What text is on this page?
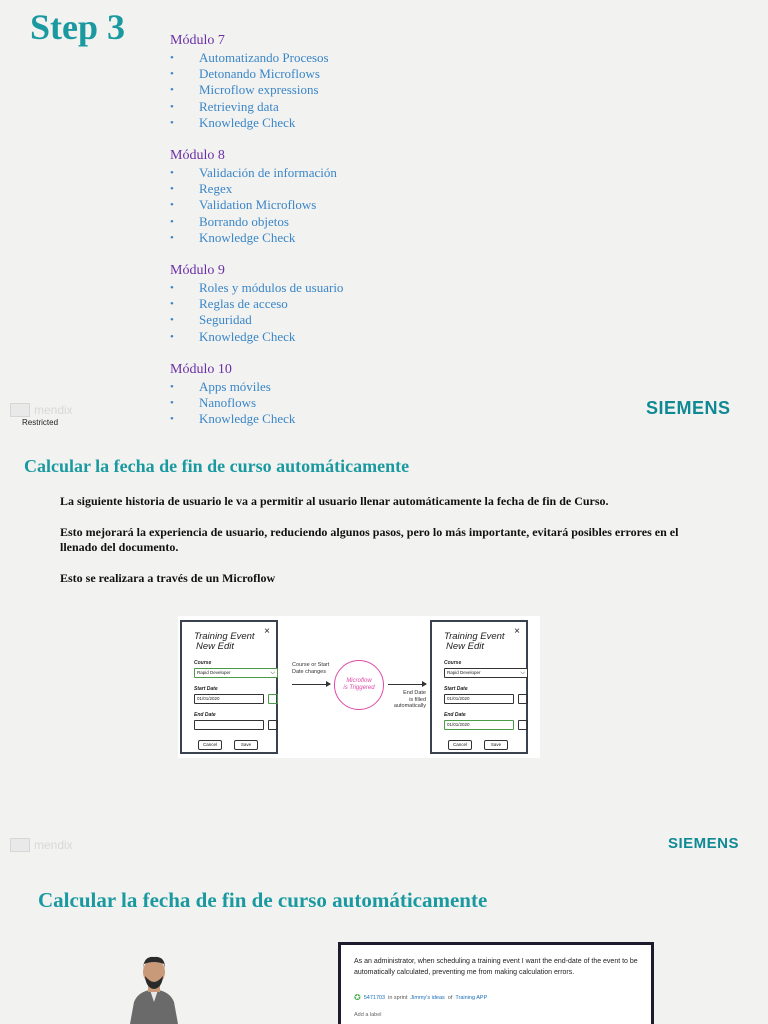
Step 3	Módulo 7
• Automatizando Procesos
• Detonando Microflows
• Microflow expressions
• Retrieving data
• Knowledge Check
Módulo 8
• Validación de información
• Regex
• Validation Microflows
• Borrando objetos
• Knowledge Check
Módulo 9
• Roles y módulos de usuario
• Reglas de acceso
• Seguridad
• Knowledge Check
Módulo 10
• Apps móviles
• Nanoflows
• Knowledge Check
mendix
Restricted
SIEMENS
Calcular la fecha de fin de curso automáticamente

La siguiente historia de usuario le va a permitir al usuario llenar automáticamente la fecha de fin de Curso.

Esto mejorará la experiencia de usuario, reduciendo algunos pasos, pero lo más importante, evitará posibles errores en el llenado del documento.

Esto se realizara a través de un Microflow

Training Event
New Edit
×
Course
Rapid Developer	⌵
Start Date
01/01/2020
End Date
Cancel	Save
Course or Start
Date changes
Microflow
is Triggered
End Date
is filled
automatically
Training Event
New Edit
×
Course
Rapid Developer	⌵
Start Date
01/01/2020
End Date
01/01/2020
Cancel	Save
mendix	SIEMENS
Calcular la fecha de fin de curso automáticamente
As an administrator, when scheduling a training event I want the end-date of the event to be automatically calculated, preventing me from making calculation errors.
✪ 5471703 in sprint Jimmy's ideas of Training APP
Add a label
